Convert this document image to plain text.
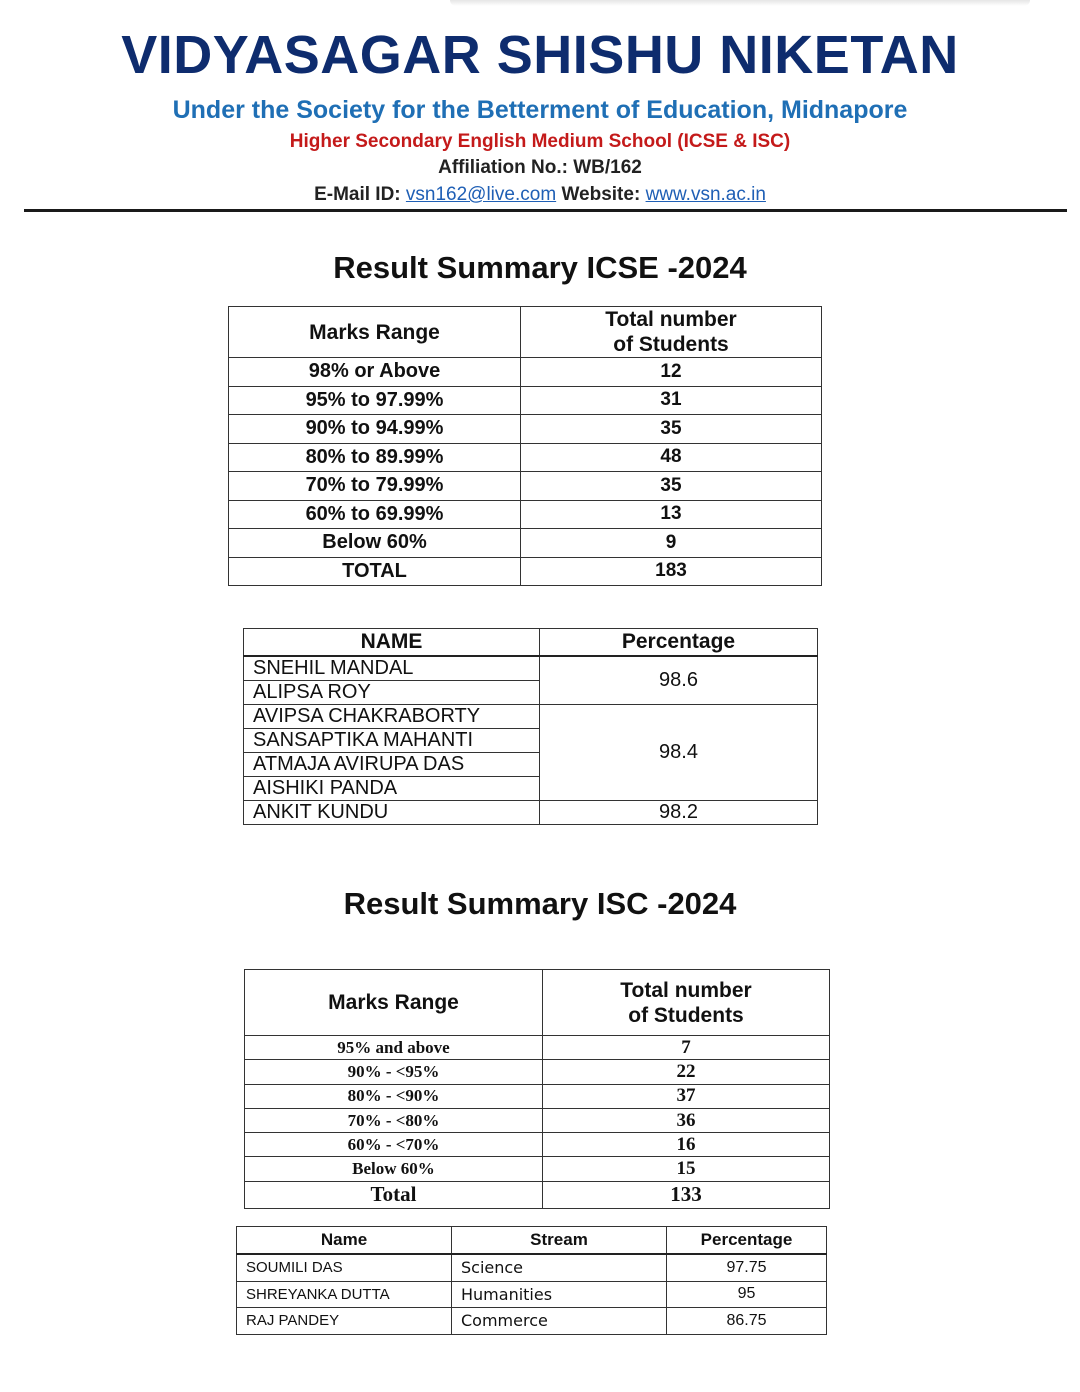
VIDYASAGAR SHISHU NIKETAN
Under the Society for the Betterment of Education, Midnapore
Higher Secondary English Medium School (ICSE & ISC)
Affiliation No.: WB/162
E-Mail ID: vsn162@live.com Website: www.vsn.ac.in
Result Summary ICSE -2024
Marks Range	Total number
of Students
98% or Above	12
95% to 97.99%	31
90% to 94.99%	35
80% to 89.99%	48
70% to 79.99%	35
60% to 69.99%	13
Below 60%	9
TOTAL	183
NAME	Percentage
SNEHIL MANDAL	98.6
ALIPSA ROY	
AVIPSA CHAKRABORTY	98.4
SANSAPTIKA MAHANTI	
ATMAJA AVIRUPA DAS	
AISHIKI PANDA	
ANKIT KUNDU	98.2
Result Summary ISC -2024
Marks Range	Total number
of Students
95% and above	7
90% - <95%	22
80% - <90%	37
70% - <80%	36
60% - <70%	16
Below 60%	15
Total	133
Name	Stream	Percentage
SOUMILI DAS	Science	97.75
SHREYANKA DUTTA	Humanities	95
RAJ PANDEY	Commerce	86.75
